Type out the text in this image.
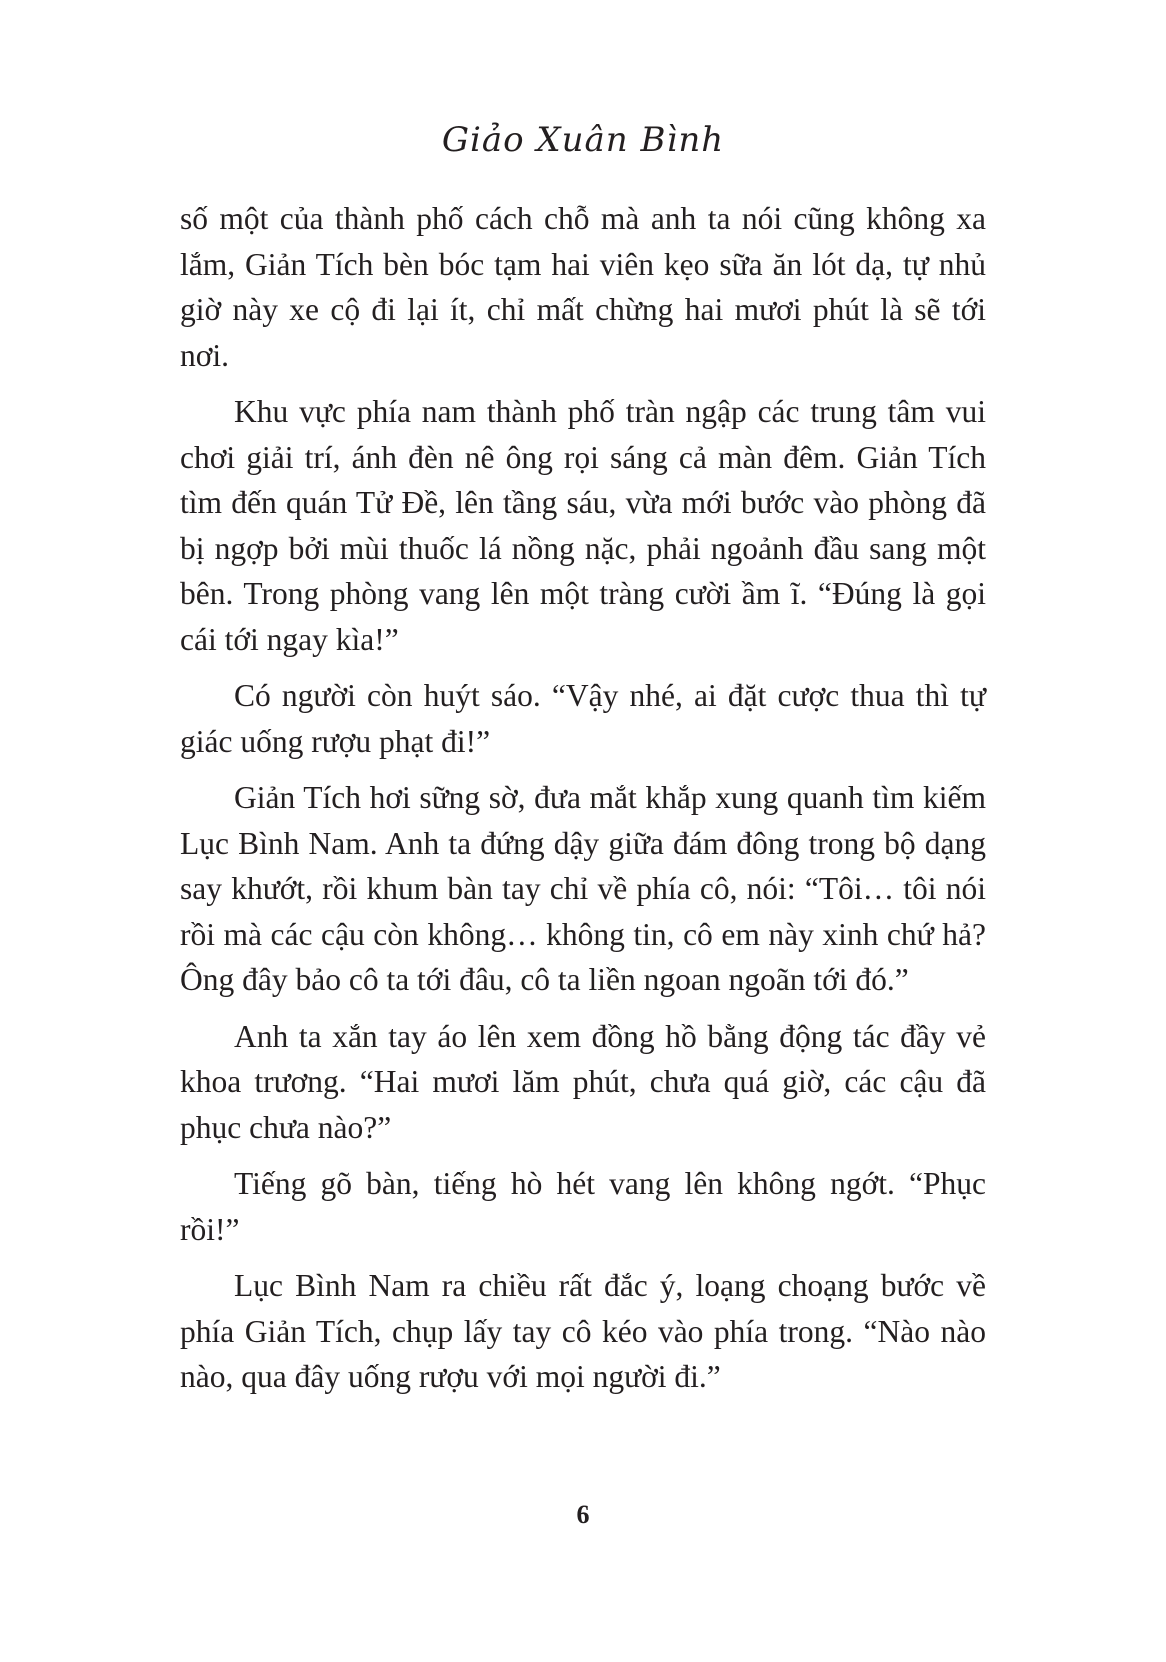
Giảo Xuân Bình

số một của thành phố cách chỗ mà anh ta nói cũng không xa lắm, Giản Tích bèn bóc tạm hai viên kẹo sữa ăn lót dạ, tự nhủ giờ này xe cộ đi lại ít, chỉ mất chừng hai mươi phút là sẽ tới nơi.

Khu vực phía nam thành phố tràn ngập các trung tâm vui chơi giải trí, ánh đèn nê ông rọi sáng cả màn đêm. Giản Tích tìm đến quán Tử Đề, lên tầng sáu, vừa mới bước vào phòng đã bị ngợp bởi mùi thuốc lá nồng nặc, phải ngoảnh đầu sang một bên. Trong phòng vang lên một tràng cười ầm ĩ. “Đúng là gọi cái tới ngay kìa!”

Có người còn huýt sáo. “Vậy nhé, ai đặt cược thua thì tự giác uống rượu phạt đi!”

Giản Tích hơi sững sờ, đưa mắt khắp xung quanh tìm kiếm Lục Bình Nam. Anh ta đứng dậy giữa đám đông trong bộ dạng say khướt, rồi khum bàn tay chỉ về phía cô, nói: “Tôi… tôi nói rồi mà các cậu còn không… không tin, cô em này xinh chứ hả? Ông đây bảo cô ta tới đâu, cô ta liền ngoan ngoãn tới đó.”

Anh ta xắn tay áo lên xem đồng hồ bằng động tác đầy vẻ khoa trương. “Hai mươi lăm phút, chưa quá giờ, các cậu đã phục chưa nào?”

Tiếng gõ bàn, tiếng hò hét vang lên không ngớt. “Phục rồi!”

Lục Bình Nam ra chiều rất đắc ý, loạng choạng bước về phía Giản Tích, chụp lấy tay cô kéo vào phía trong. “Nào nào nào, qua đây uống rượu với mọi người đi.”

6
